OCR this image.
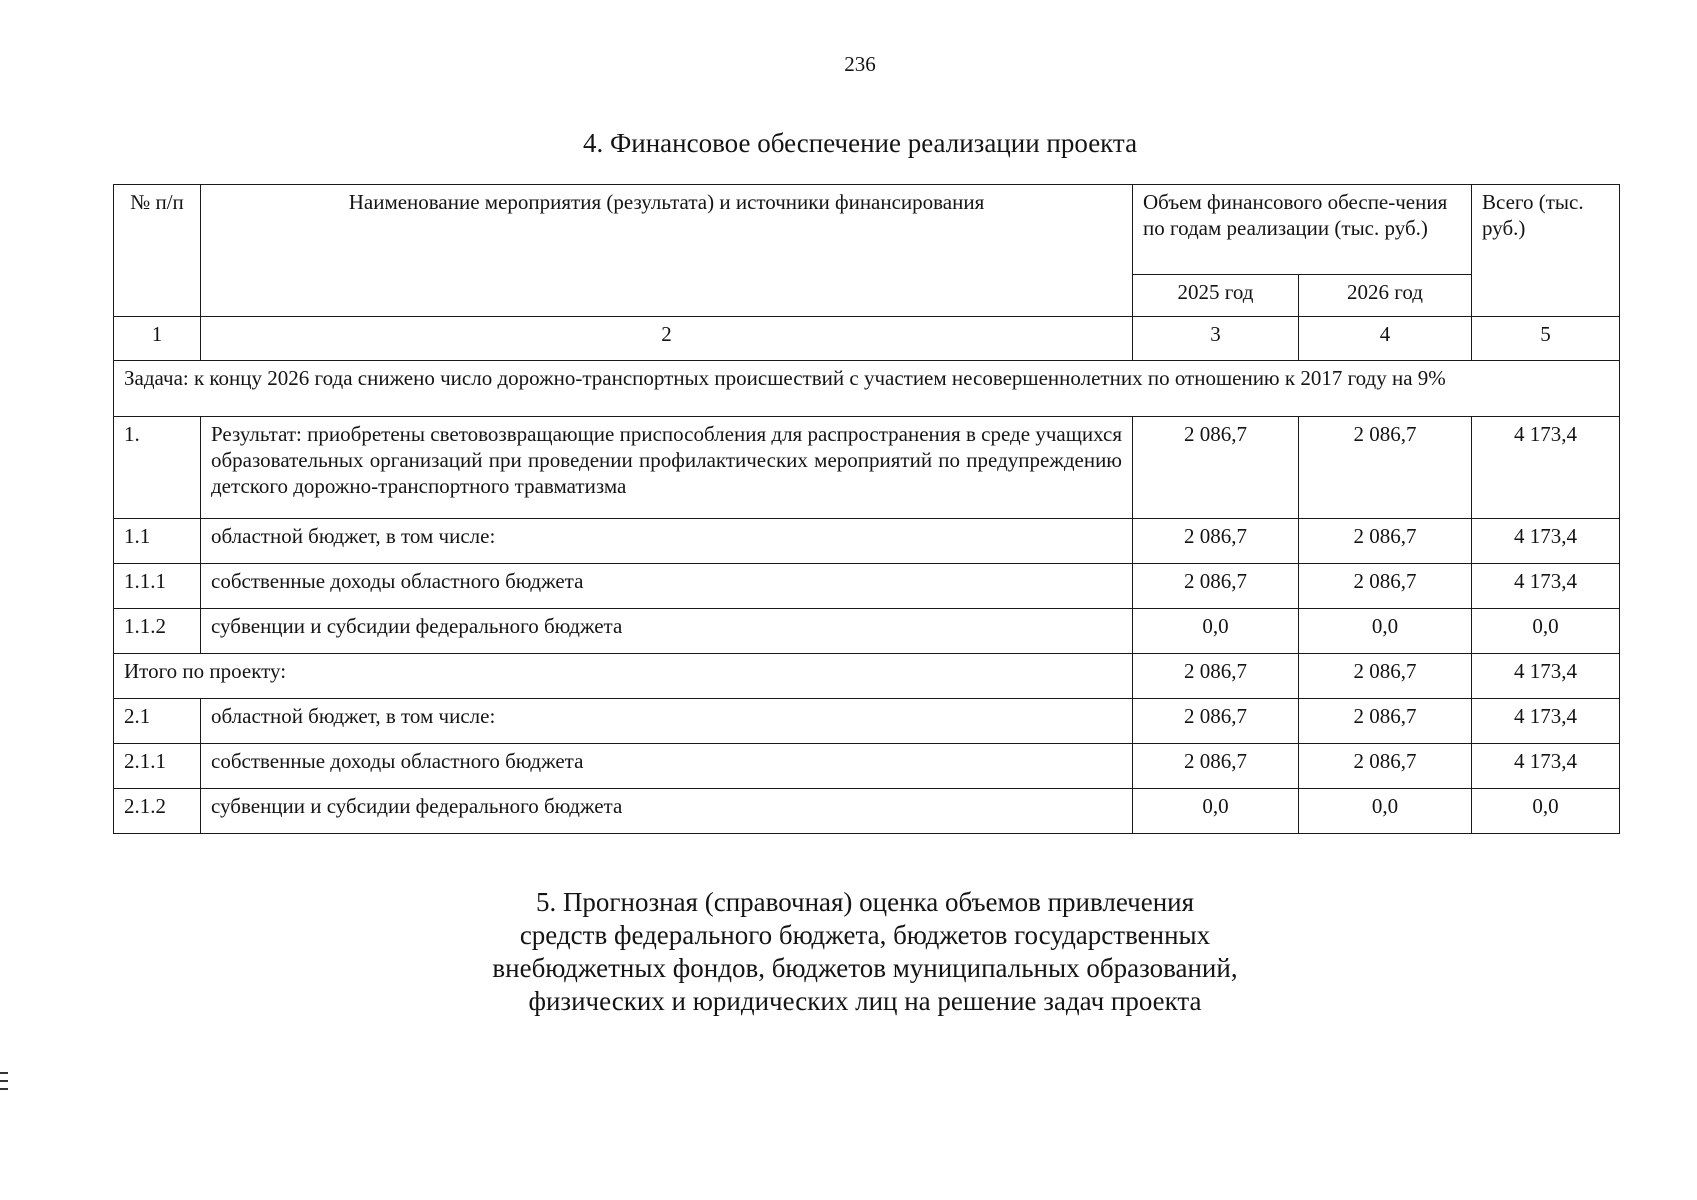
236
4. Финансовое обеспечение реализации проекта
№ п/п	Наименование мероприятия (результата) и источники финансирования	Объем финансового обеспе-чения по годам реализации (тыс. руб.)		Всего (тыс. руб.)
		2025 год	2026 год	
1	2	3	4	5
Задача: к концу 2026 года снижено число дорожно-транспортных происшествий с участием несовершеннолетних по отношению к 2017 году на 9%				
1.	Результат: приобретены световозвращающие приспособления для распространения в среде учащихся образовательных организаций при проведении профилактических мероприятий по предупреждению детского дорожно-транспортного травматизма	2 086,7	2 086,7	4 173,4
1.1	областной бюджет, в том числе:	2 086,7	2 086,7	4 173,4
1.1.1	собственные доходы областного бюджета	2 086,7	2 086,7	4 173,4
1.1.2	субвенции и субсидии федерального бюджета	0,0	0,0	0,0
Итого по проекту:		2 086,7	2 086,7	4 173,4
2.1	областной бюджет, в том числе:	2 086,7	2 086,7	4 173,4
2.1.1	собственные доходы областного бюджета	2 086,7	2 086,7	4 173,4
2.1.2	субвенции и субсидии федерального бюджета	0,0	0,0	0,0
5. Прогнозная (справочная) оценка объемов привлечения
средств федерального бюджета, бюджетов государственных
внебюджетных фондов, бюджетов муниципальных образований,
физических и юридических лиц на решение задач проекта
